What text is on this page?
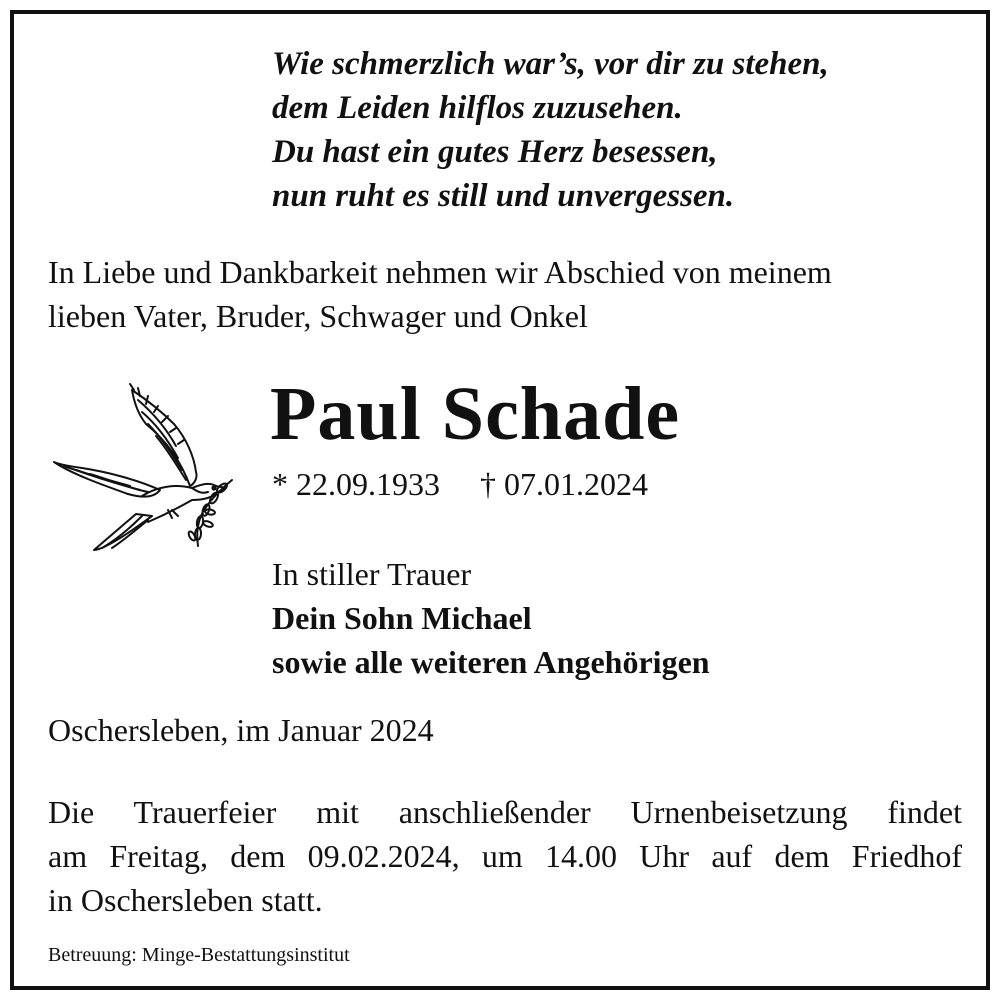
Wie schmerzlich war’s, vor dir zu stehen,
dem Leiden hilflos zuzusehen.
Du hast ein gutes Herz besessen,
nun ruht es still und unvergessen.

In Liebe und Dankbarkeit nehmen wir Abschied von meinem
lieben Vater, Bruder, Schwager und Onkel

Paul Schade
* 22.09.1933 † 07.01.2024

In stiller Trauer
Dein Sohn Michael
sowie alle weiteren Angehörigen

Oschersleben, im Januar 2024

Die Trauerfeier mit anschließender Urnenbeisetzung findet
am Freitag, dem 09.02.2024, um 14.00 Uhr auf dem Friedhof
in Oschersleben statt.

Betreuung: Minge-Bestattungsinstitut
